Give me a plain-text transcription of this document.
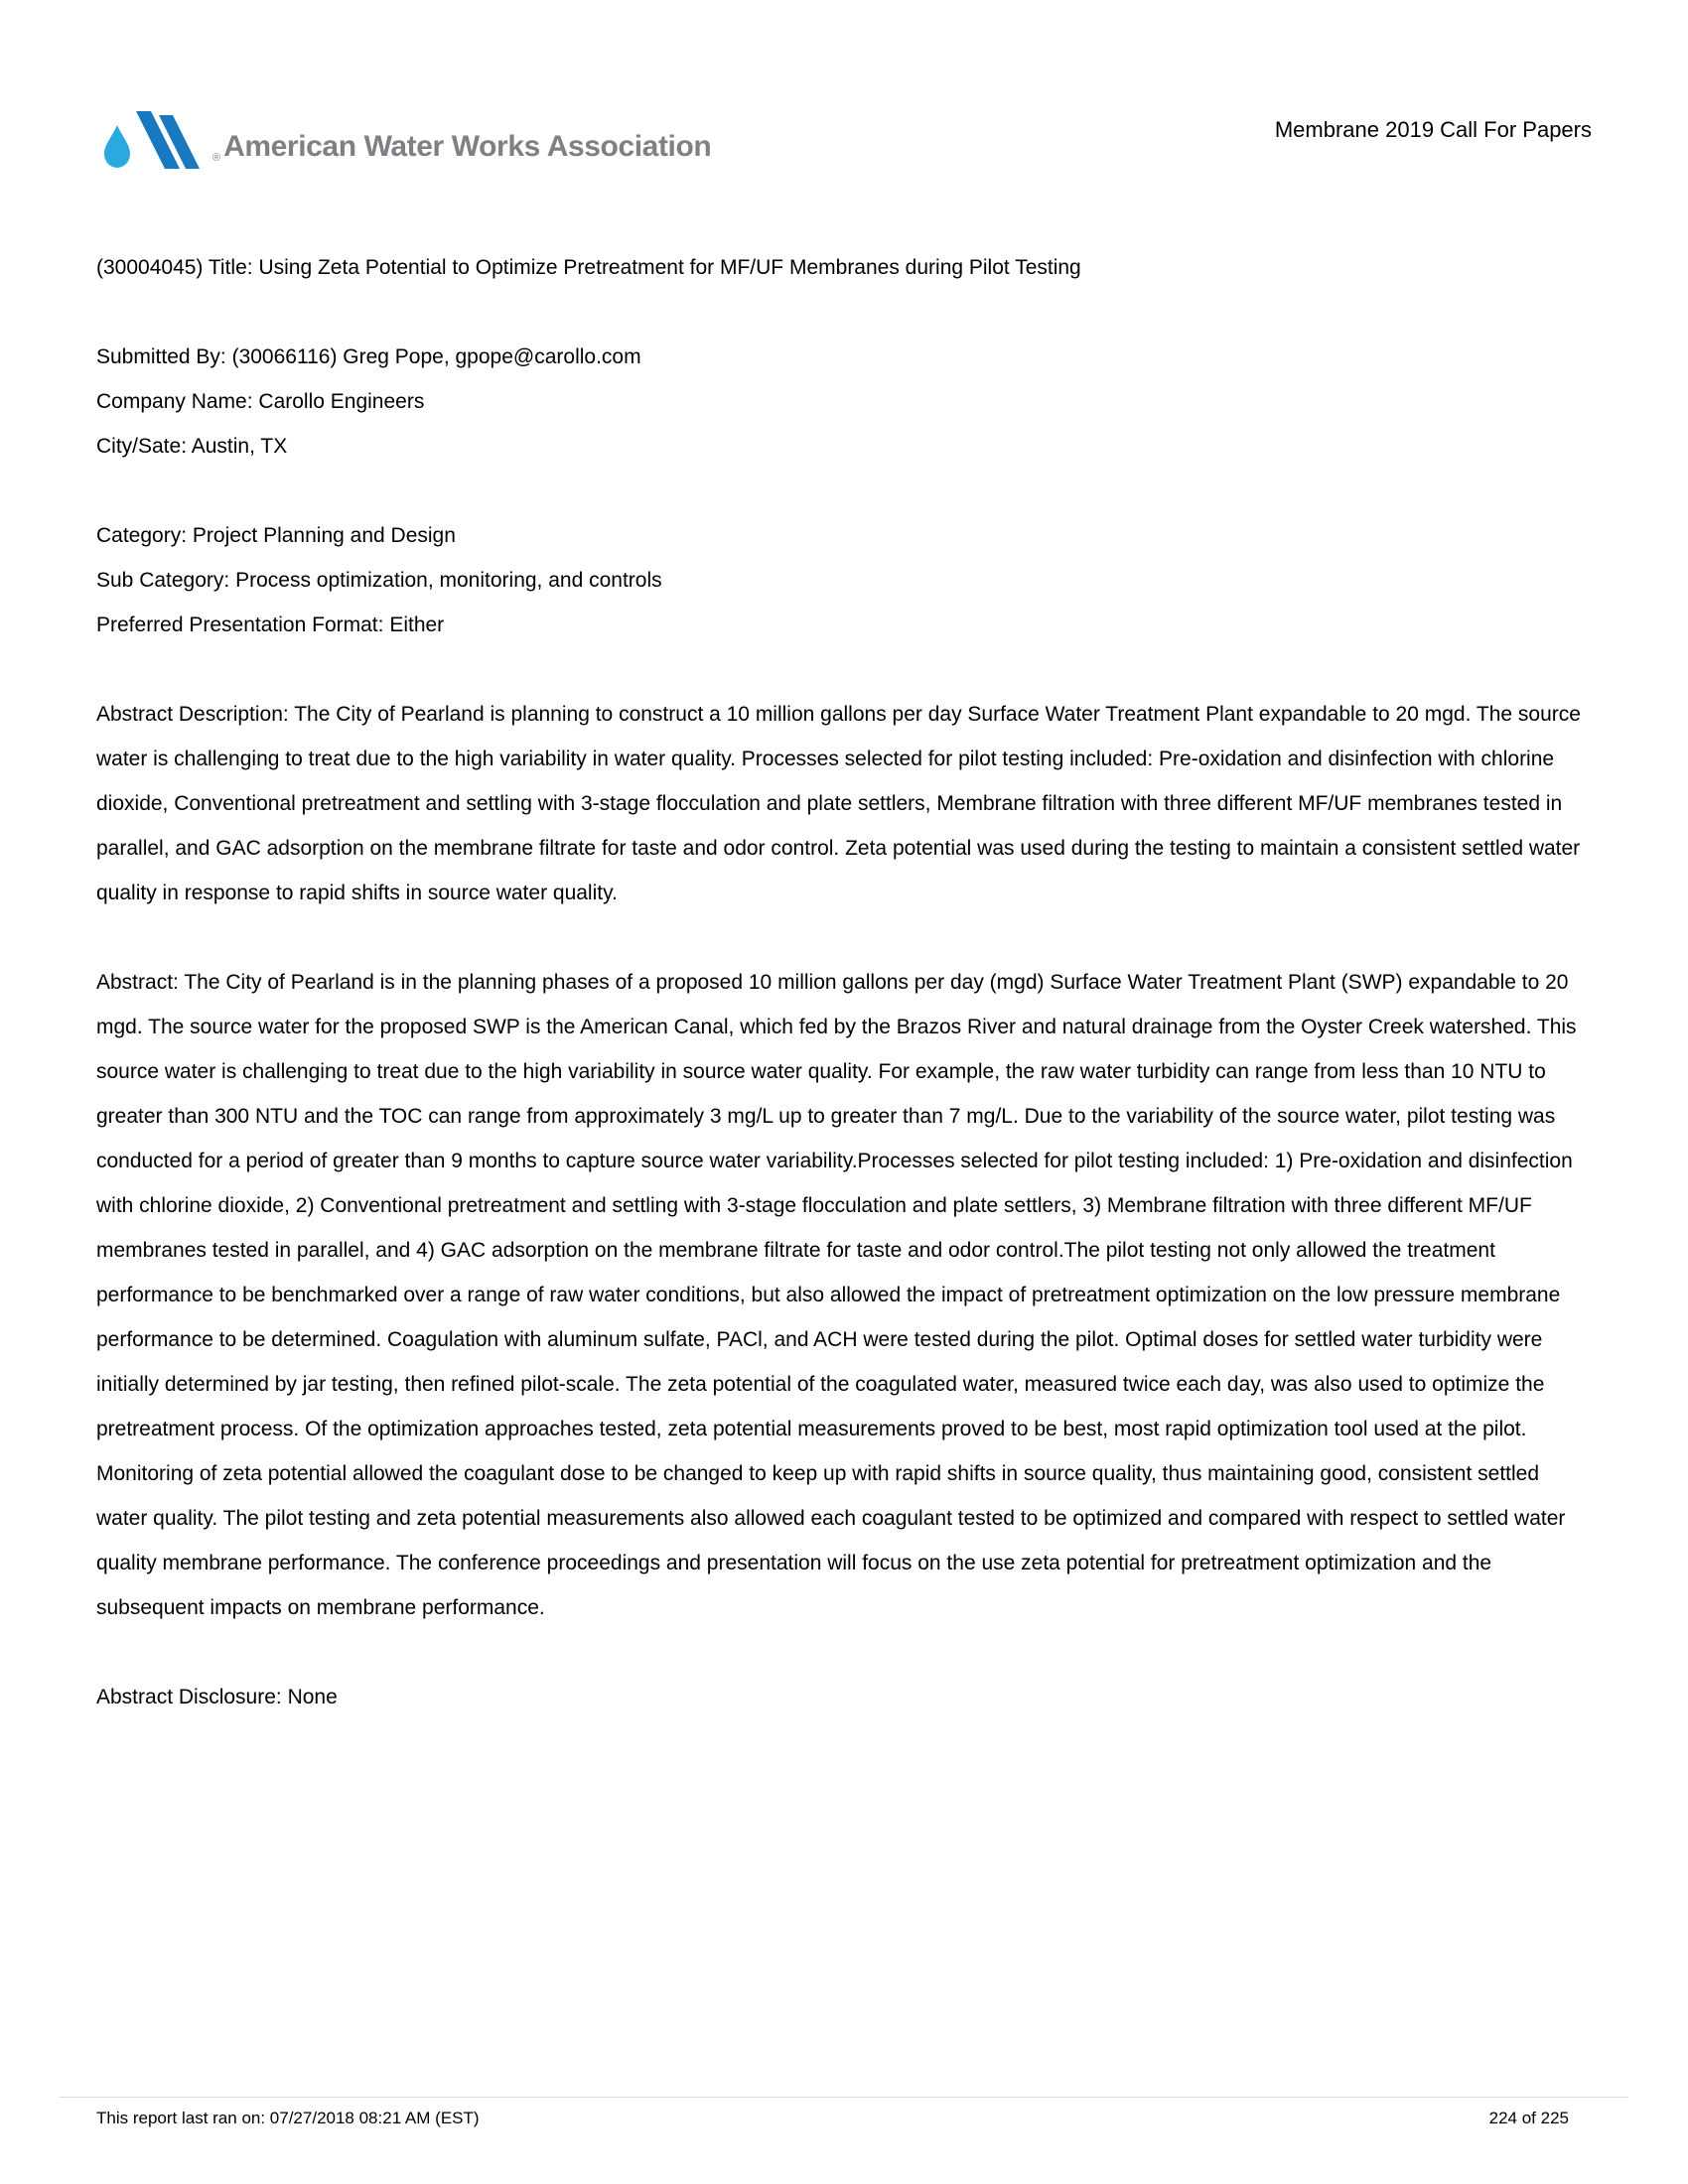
® American Water Works Association
Membrane 2019 Call For Papers

(30004045) Title: Using Zeta Potential to Optimize Pretreatment for MF/UF Membranes during Pilot Testing

Submitted By: (30066116) Greg Pope, gpope@carollo.com

Company Name: Carollo Engineers

City/Sate: Austin, TX

Category: Project Planning and Design

Sub Category: Process optimization, monitoring, and controls

Preferred Presentation Format: Either

Abstract Description: The City of Pearland is planning to construct a 10 million gallons per day Surface Water Treatment Plant expandable to 20 mgd. The source water is challenging to treat due to the high variability in water quality. Processes selected for pilot testing included: Pre-oxidation and disinfection with chlorine dioxide, Conventional pretreatment and settling with 3-stage flocculation and plate settlers, Membrane filtration with three different MF/UF membranes tested in parallel, and GAC adsorption on the membrane filtrate for taste and odor control. Zeta potential was used during the testing to maintain a consistent settled water quality in response to rapid shifts in source water quality.

Abstract: The City of Pearland is in the planning phases of a proposed 10 million gallons per day (mgd) Surface Water Treatment Plant (SWP) expandable to 20 mgd. The source water for the proposed SWP is the American Canal, which fed by the Brazos River and natural drainage from the Oyster Creek watershed. This source water is challenging to treat due to the high variability in source water quality. For example, the raw water turbidity can range from less than 10 NTU to greater than 300 NTU and the TOC can range from approximately 3 mg/L up to greater than 7 mg/L. Due to the variability of the source water, pilot testing was conducted for a period of greater than 9 months to capture source water variability.Processes selected for pilot testing included: 1) Pre-oxidation and disinfection with chlorine dioxide, 2) Conventional pretreatment and settling with 3-stage flocculation and plate settlers, 3) Membrane filtration with three different MF/UF membranes tested in parallel, and 4) GAC adsorption on the membrane filtrate for taste and odor control.The pilot testing not only allowed the treatment performance to be benchmarked over a range of raw water conditions, but also allowed the impact of pretreatment optimization on the low pressure membrane performance to be determined. Coagulation with aluminum sulfate, PACl, and ACH were tested during the pilot. Optimal doses for settled water turbidity were initially determined by jar testing, then refined pilot-scale. The zeta potential of the coagulated water, measured twice each day, was also used to optimize the pretreatment process. Of the optimization approaches tested, zeta potential measurements proved to be best, most rapid optimization tool used at the pilot. Monitoring of zeta potential allowed the coagulant dose to be changed to keep up with rapid shifts in source quality, thus maintaining good, consistent settled water quality. The pilot testing and zeta potential measurements also allowed each coagulant tested to be optimized and compared with respect to settled water quality membrane performance. The conference proceedings and presentation will focus on the use zeta potential for pretreatment optimization and the subsequent impacts on membrane performance.

Abstract Disclosure: None

This report last ran on: 07/27/2018 08:21 AM (EST)	224 of 225
